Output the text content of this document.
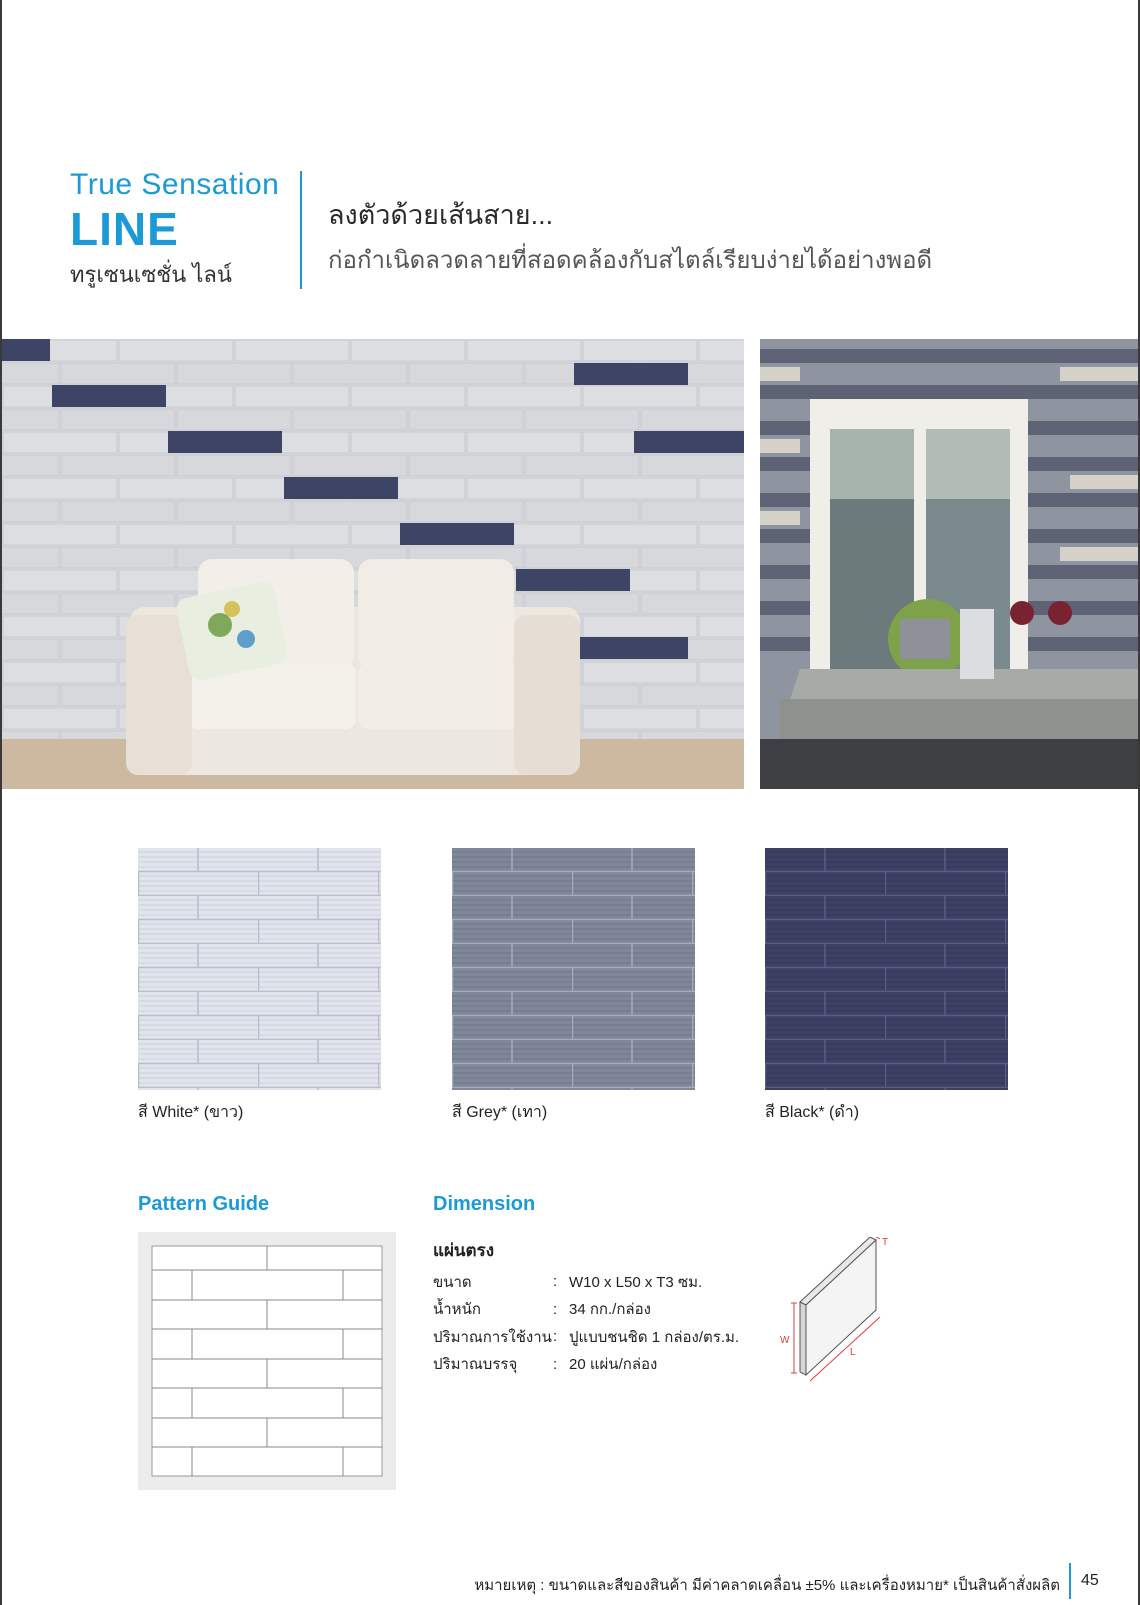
True Sensation
LINE
ทรูเซนเซชั่น ไลน์
ลงตัวด้วยเส้นสาย...
ก่อกำเนิดลวดลายที่สอดคล้องกับสไตล์เรียบง่ายได้อย่างพอดี
สี White* (ขาว)	สี Grey* (เทา)	สี Black* (ดำ)
Pattern Guide	Dimension
แผ่นตรง
ขนาด	:	W10 x L50 x T3 ซม.
น้ำหนัก	:	34 กก./กล่อง
ปริมาณการใช้งาน	:	ปูแบบชนชิด 1 กล่อง/ตร.ม.
ปริมาณบรรจุ	:	20 แผ่น/กล่อง
T
W
L
หมายเหตุ : ขนาดและสีของสินค้า มีค่าคลาดเคลื่อน ±5% และเครื่องหมาย* เป็นสินค้าสั่งผลิต 45
